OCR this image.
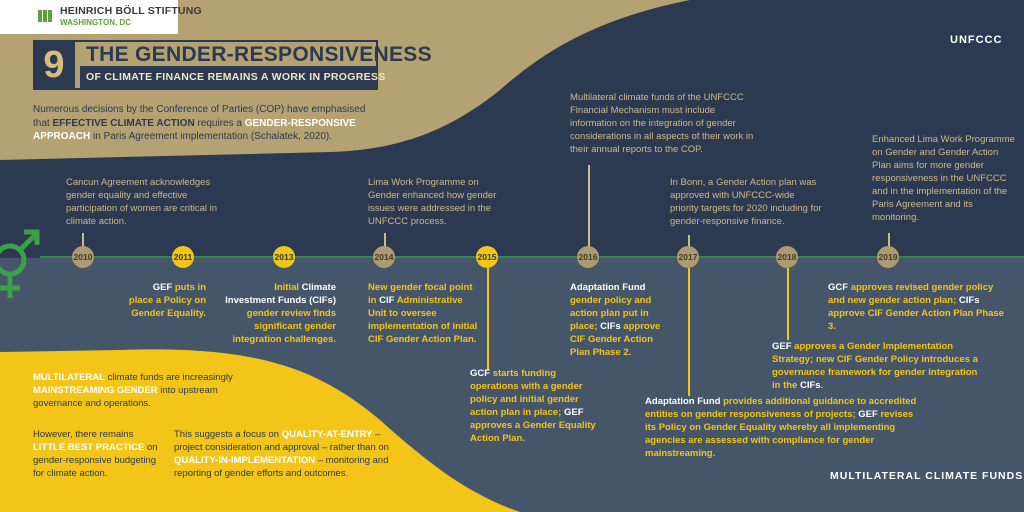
HEINRICH BÖLL STIFTUNG
WASHINGTON, DC
9	THE GENDER-RESPONSIVENESS
OF CLIMATE FINANCE REMAINS A WORK IN PROGRESS
Numerous decisions by the Conference of Parties (COP) have emphasised that EFFECTIVE CLIMATE ACTION requires a GENDER-RESPONSIVE APPROACH in Paris Agreement implementation (Schalatek, 2020).
UNFCCC
MULTILATERAL CLIMATE FUNDS
2010	2011	2013	2014	2015	2016	2017	2018	2019
Cancun Agreement acknowledges gender equality and effective participation of women are critical in climate action.
Lima Work Programme on Gender enhanced how gender issues were addressed in the UNFCCC process.
Multilateral climate funds of the UNFCCC Financial Mechanism must include information on the integration of gender considerations in all aspects of their work in their annual reports to the COP.
In Bonn, a Gender Action plan was approved with UNFCCC-wide priority targets for 2020 including for gender-responsive finance.
Enhanced Lima Work Programme on Gender and Gender Action Plan aims for more gender responsiveness in the UNFCCC and in the implementation of the Paris Agreement and its monitoring.
GEF puts in place a Policy on Gender Equality.
Initial Climate Investment Funds (CIFs) gender review finds significant gender integration challenges.
New gender focal point in CIF Administrative Unit to oversee implementation of initial CIF Gender Action Plan.
GCF starts funding operations with a gender policy and initial gender action plan in place; GEF approves a Gender Equality Action Plan.
Adaptation Fund gender policy and action plan put in place; CIFs approve CIF Gender Action Plan Phase 2.
Adaptation Fund provides additional guidance to accredited entities on gender responsiveness of projects; GEF revises its Policy on Gender Equality whereby all implementing agencies are assessed with compliance for gender mainstreaming.
GEF approves a Gender Implementation Strategy; new CIF Gender Policy introduces a governance framework for gender integration in the CIFs.
GCF approves revised gender policy and new gender action plan; CIFs approve CIF Gender Action Plan Phase 3.
MULTILATERAL climate funds are increasingly MAINSTREAMING GENDER into upstream governance and operations.
However, there remains LITTLE BEST PRACTICE on gender-responsive budgeting for climate action.
This suggests a focus on QUALITY-AT-ENTRY – project consideration and approval – rather than on QUALITY-IN-IMPLEMENTATION – monitoring and reporting of gender efforts and outcomes.
